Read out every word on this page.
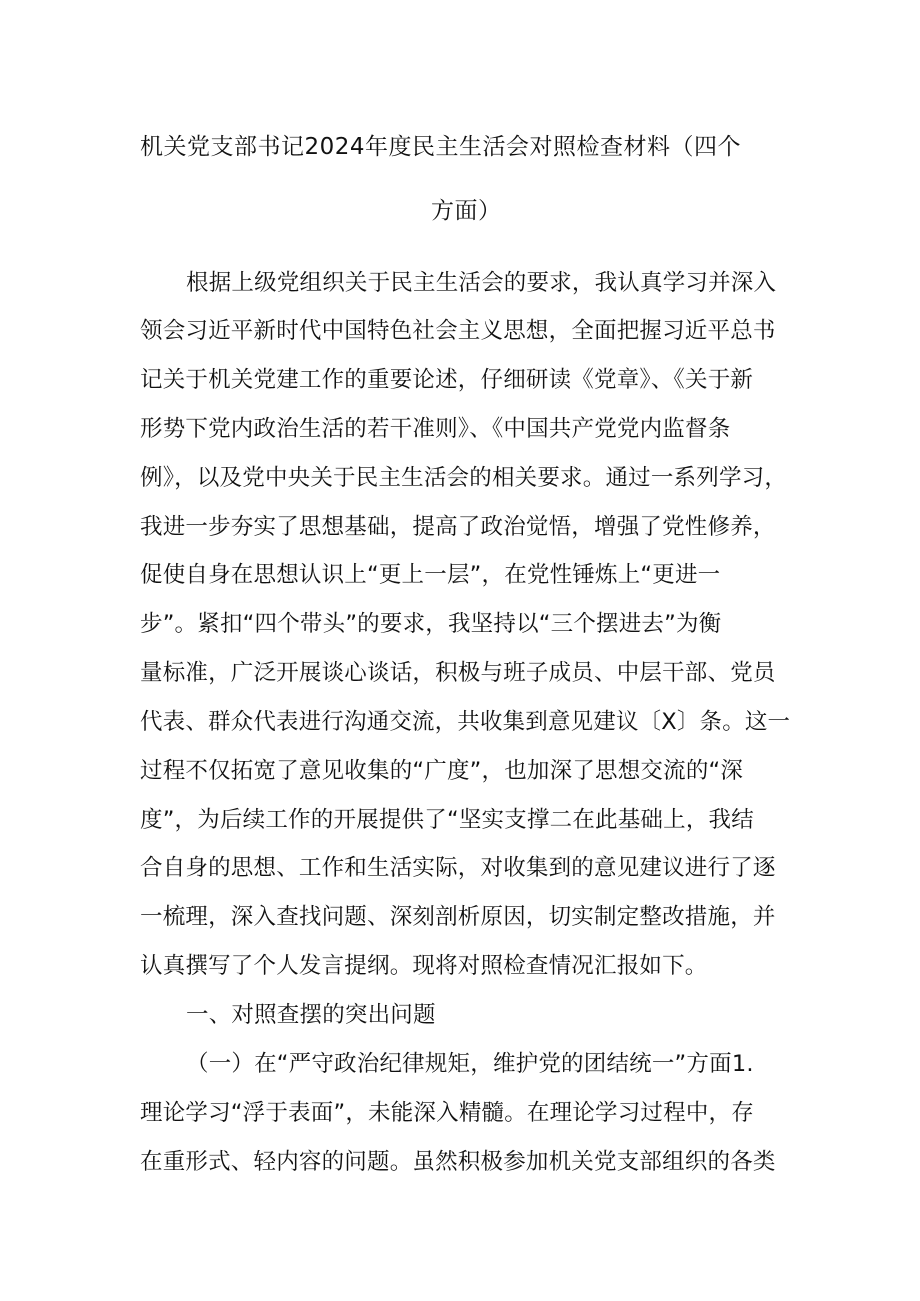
机关党支部书记2024年度民主生活会对照检查材料（四个
方面）
根据上级党组织关于民主生活会的要求，我认真学习并深入
领会习近平新时代中国特色社会主义思想，全面把握习近平总书
记关于机关党建工作的重要论述，仔细研读《党章》、《关于新
形势下党内政治生活的若干准则》、《中国共产党党内监督条
例》，以及党中央关于民主生活会的相关要求。通过一系列学习，
我进一步夯实了思想基础，提高了政治觉悟，增强了党性修养，
促使自身在思想认识上“更上一层”，在党性锤炼上“更进一
步”。紧扣“四个带头”的要求，我坚持以“三个摆进去”为衡
量标准，广泛开展谈心谈话，积极与班子成员、中层干部、党员
代表、群众代表进行沟通交流，共收集到意见建议〔X〕条。这一
过程不仅拓宽了意见收集的“广度”，也加深了思想交流的“深
度”，为后续工作的开展提供了“坚实支撑二在此基础上，我结
合自身的思想、工作和生活实际，对收集到的意见建议进行了逐
一梳理，深入查找问题、深刻剖析原因，切实制定整改措施，并
认真撰写了个人发言提纲。现将对照检查情况汇报如下。
一、对照查摆的突出问题
（一）在“严守政治纪律规矩，维护党的团结统一”方面1.
理论学习“浮于表面”，未能深入精髓。在理论学习过程中，存
在重形式、轻内容的问题。虽然积极参加机关党支部组织的各类
